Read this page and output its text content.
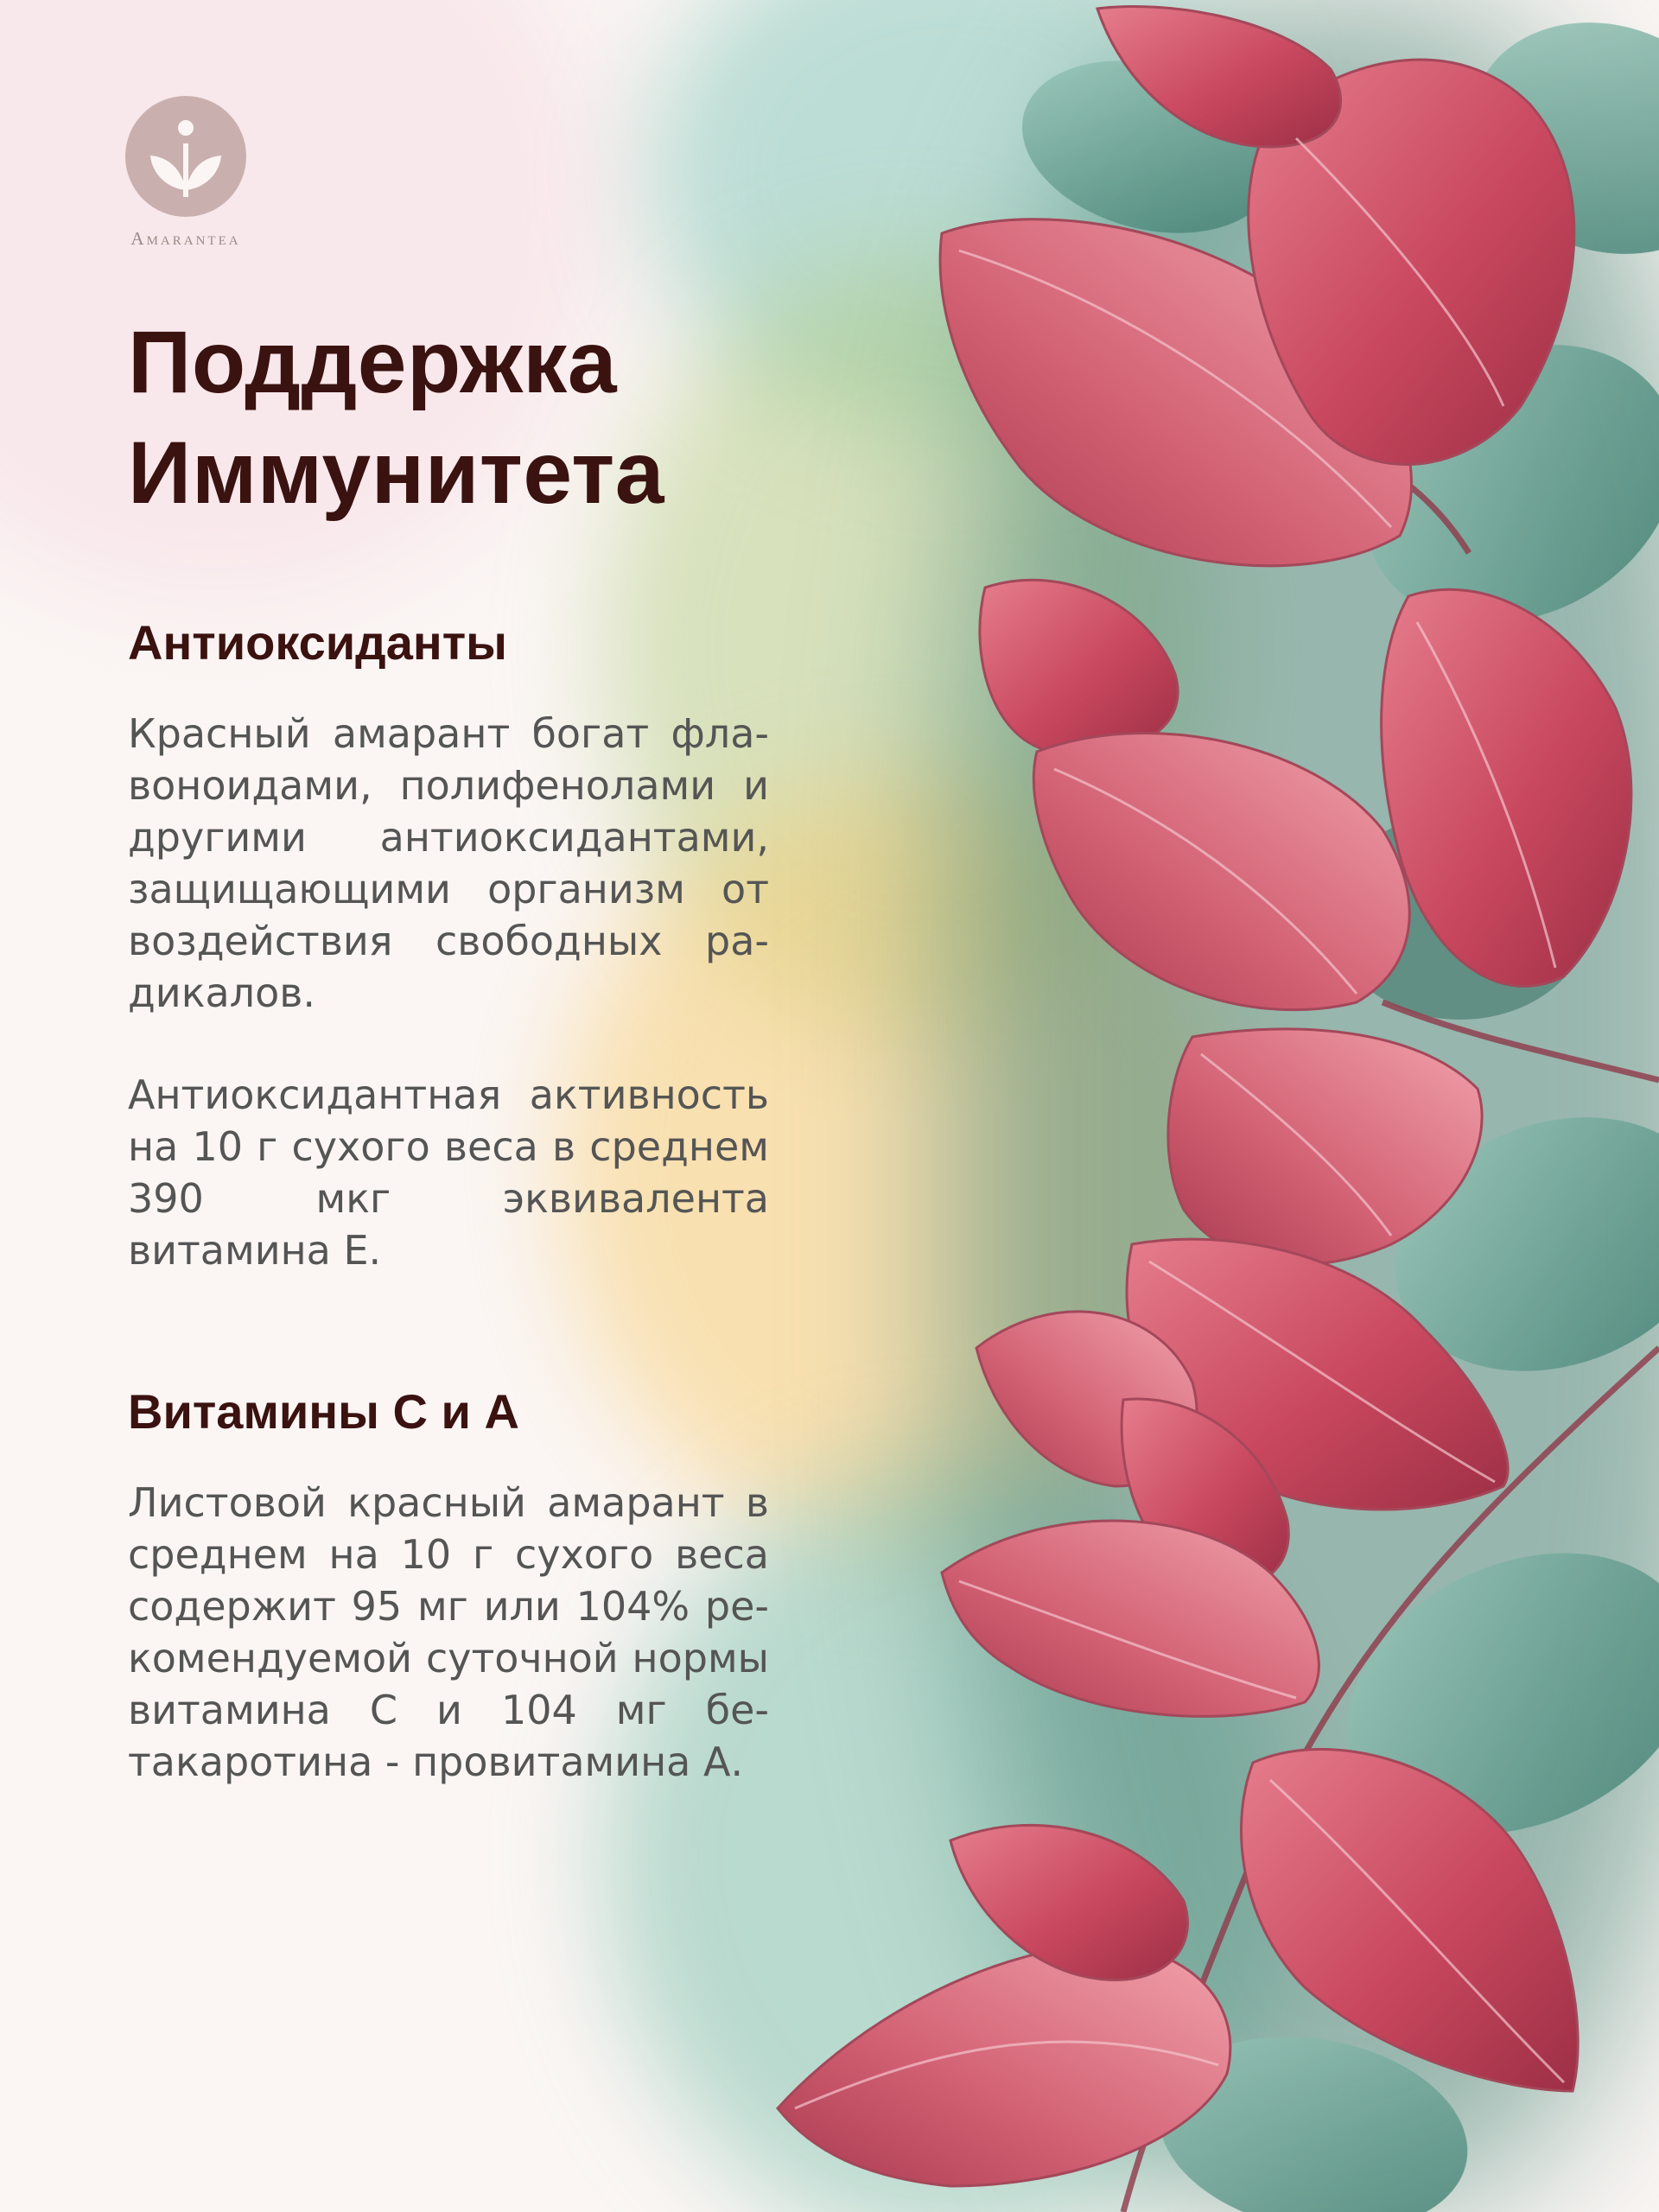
Amarantea
Поддержка
Иммунитета
Антиоксиданты

Красный амарант богат флавоноидами, полифенолами и другими антиоксидантами, защищающими организм от воздействия свободных радикалов.

Антиоксидантная активность на 10 г сухого веса в среднем 390 мкг эквивалента витамина Е.

Витамины С и А

Листовой красный амарант в среднем на 10 г сухого веса содержит 95 мг или 104% рекомендуемой суточной нормы витамина С и 104 мг бетакаротина - провитамина А.
